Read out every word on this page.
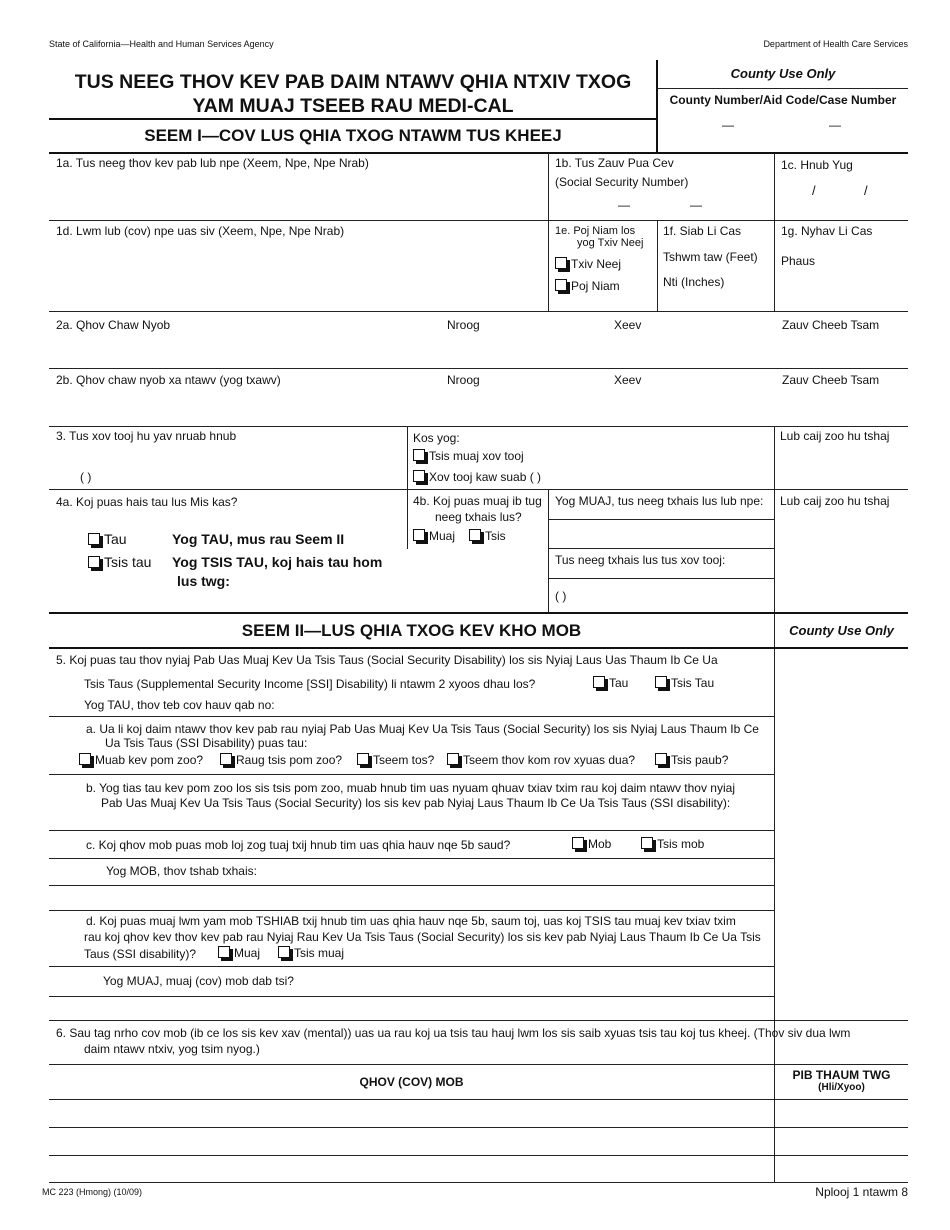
State of California—Health and Human Services Agency	Department of Health Care Services
TUS NEEG THOV KEV PAB DAIM NTAWV QHIA NTXIV TXOG
YAM MUAJ TSEEB RAU MEDI-CAL
County Use Only
County Number/Aid Code/Case Number
—	—
SEEM I—COV LUS QHIA TXOG NTAWM TUS KHEEJ
1a. Tus neeg thov kev pab lub npe (Xeem, Npe, Npe Nrab)	1b. Tus Zauv Pua Cev
(Social Security Number)
—	—
1c. Hnub Yug
/	/
1d. Lwm lub (cov) npe uas siv (Xeem, Npe, Npe Nrab)	1e. Poj Niam los
yog Txiv Neej
Txiv Neej
Poj Niam
1f. Siab Li Cas
Tshwm taw (Feet)
Nti (Inches)
1g. Nyhav Li Cas
Phaus
2a. Qhov Chaw Nyob	Nroog	Xeev	Zauv Cheeb Tsam
2b. Qhov chaw nyob xa ntawv (yog txawv)	Nroog	Xeev	Zauv Cheeb Tsam
3. Tus xov tooj hu yav nruab hnub
( )
Kos yog:
Tsis muaj xov tooj
Xov tooj kaw suab ( )
Lub caij zoo hu tshaj
4a. Koj puas hais tau lus Mis kas?
Tau	Yog TAU, mus rau Seem II
Tsis tau Yog TSIS TAU, koj hais tau hom
lus twg:
4b. Koj puas muaj ib tug
neeg txhais lus?
Muaj	Tsis
Yog MUAJ, tus neeg txhais lus lub npe:
Tus neeg txhais lus tus xov tooj:
( )
Lub caij zoo hu tshaj
SEEM II—LUS QHIA TXOG KEV KHO MOB	County Use Only
5. Koj puas tau thov nyiaj Pab Uas Muaj Kev Ua Tsis Taus (Social Security Disability) los sis Nyiaj Laus Uas Thaum Ib Ce Ua
Tsis Taus (Supplemental Security Income [SSI] Disability) li ntawm 2 xyoos dhau los?	Tau	Tsis Tau
Yog TAU, thov teb cov hauv qab no:
a. Ua li koj daim ntawv thov kev pab rau nyiaj Pab Uas Muaj Kev Ua Tsis Taus (Social Security) los sis Nyiaj Laus Thaum Ib Ce
Ua Tsis Taus (SSI Disability) puas tau:
Muab kev pom zoo?	Raug tsis pom zoo?	Tseem tos?	Tseem thov kom rov xyuas dua?	Tsis paub?
b. Yog tias tau kev pom zoo los sis tsis pom zoo, muab hnub tim uas nyuam qhuav txiav txim rau koj daim ntawv thov nyiaj
Pab Uas Muaj Kev Ua Tsis Taus (Social Security) los sis kev pab Nyiaj Laus Thaum Ib Ce Ua Tsis Taus (SSI disability):
c. Koj qhov mob puas mob loj zog tuaj txij hnub tim uas qhia hauv nqe 5b saud?	Mob	Tsis mob
Yog MOB, thov tshab txhais:
d. Koj puas muaj lwm yam mob TSHIAB txij hnub tim uas qhia hauv nqe 5b, saum toj, uas koj TSIS tau muaj kev txiav txim
rau koj qhov kev thov kev pab rau Nyiaj Rau Kev Ua Tsis Taus (Social Security) los sis kev pab Nyiaj Laus Thaum Ib Ce Ua Tsis
Taus (SSI disability)?	Muaj	Tsis muaj
Yog MUAJ, muaj (cov) mob dab tsi?
6. Sau tag nrho cov mob (ib ce los sis kev xav (mental)) uas ua rau koj ua tsis tau hauj lwm los sis saib xyuas tsis tau koj tus kheej. (Thov siv dua lwm
daim ntawv ntxiv, yog tsim nyog.)
QHOV (COV) MOB	PIB THAUM TWG
(Hli/Xyoo)
MC 223 (Hmong) (10/09)	Nplooj 1 ntawm 8
